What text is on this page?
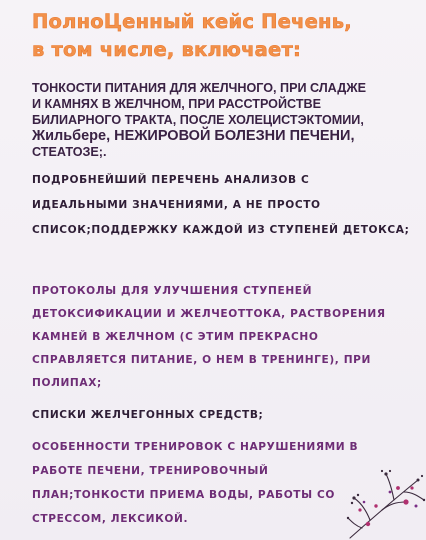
ПолноЦенный кейс Печень,
в том числе, включает:
ТОНКОСТИ ПИТАНИЯ ДЛЯ ЖЕЛЧНОГО, ПРИ СЛАДЖЕ
И КАМНЯХ В ЖЕЛЧНОМ, ПРИ РАССТРОЙСТВЕ
БИЛИАРНОГО ТРАКТА, ПОСЛЕ ХОЛЕЦИСТЭКТОМИИ,
Жильбере, НЕЖИРОВОЙ БОЛЕЗНИ ПЕЧЕНИ,
СТЕАТОЗЕ;.
ПОДРОБНЕЙШИЙ ПЕРЕЧЕНЬ АНАЛИЗОВ С
ИДЕАЛЬНЫМИ ЗНАЧЕНИЯМИ, А НЕ ПРОСТО
СПИСОК;ПОДДЕРЖКУ КАЖДОЙ ИЗ СТУПЕНЕЙ ДЕТОКСА;
ПРОТОКОЛЫ ДЛЯ УЛУЧШЕНИЯ СТУПЕНЕЙ
ДЕТОКСИФИКАЦИИ И ЖЕЛЧЕОТТОКА, РАСТВОРЕНИЯ
КАМНЕЙ В ЖЕЛЧНОМ (С ЭТИМ ПРЕКРАСНО
СПРАВЛЯЕТСЯ ПИТАНИЕ, О НЕМ В ТРЕНИНГЕ), ПРИ
ПОЛИПАХ;
СПИСКИ ЖЕЛЧЕГОННЫХ СРЕДСТВ;
ОСОБЕННОСТИ ТРЕНИРОВОК С НАРУШЕНИЯМИ В
РАБОТЕ ПЕЧЕНИ, ТРЕНИРОВОЧНЫЙ
ПЛАН;ТОНКОСТИ ПРИЕМА ВОДЫ, РАБОТЫ СО
СТРЕССОМ, ЛЕКСИКОЙ.
